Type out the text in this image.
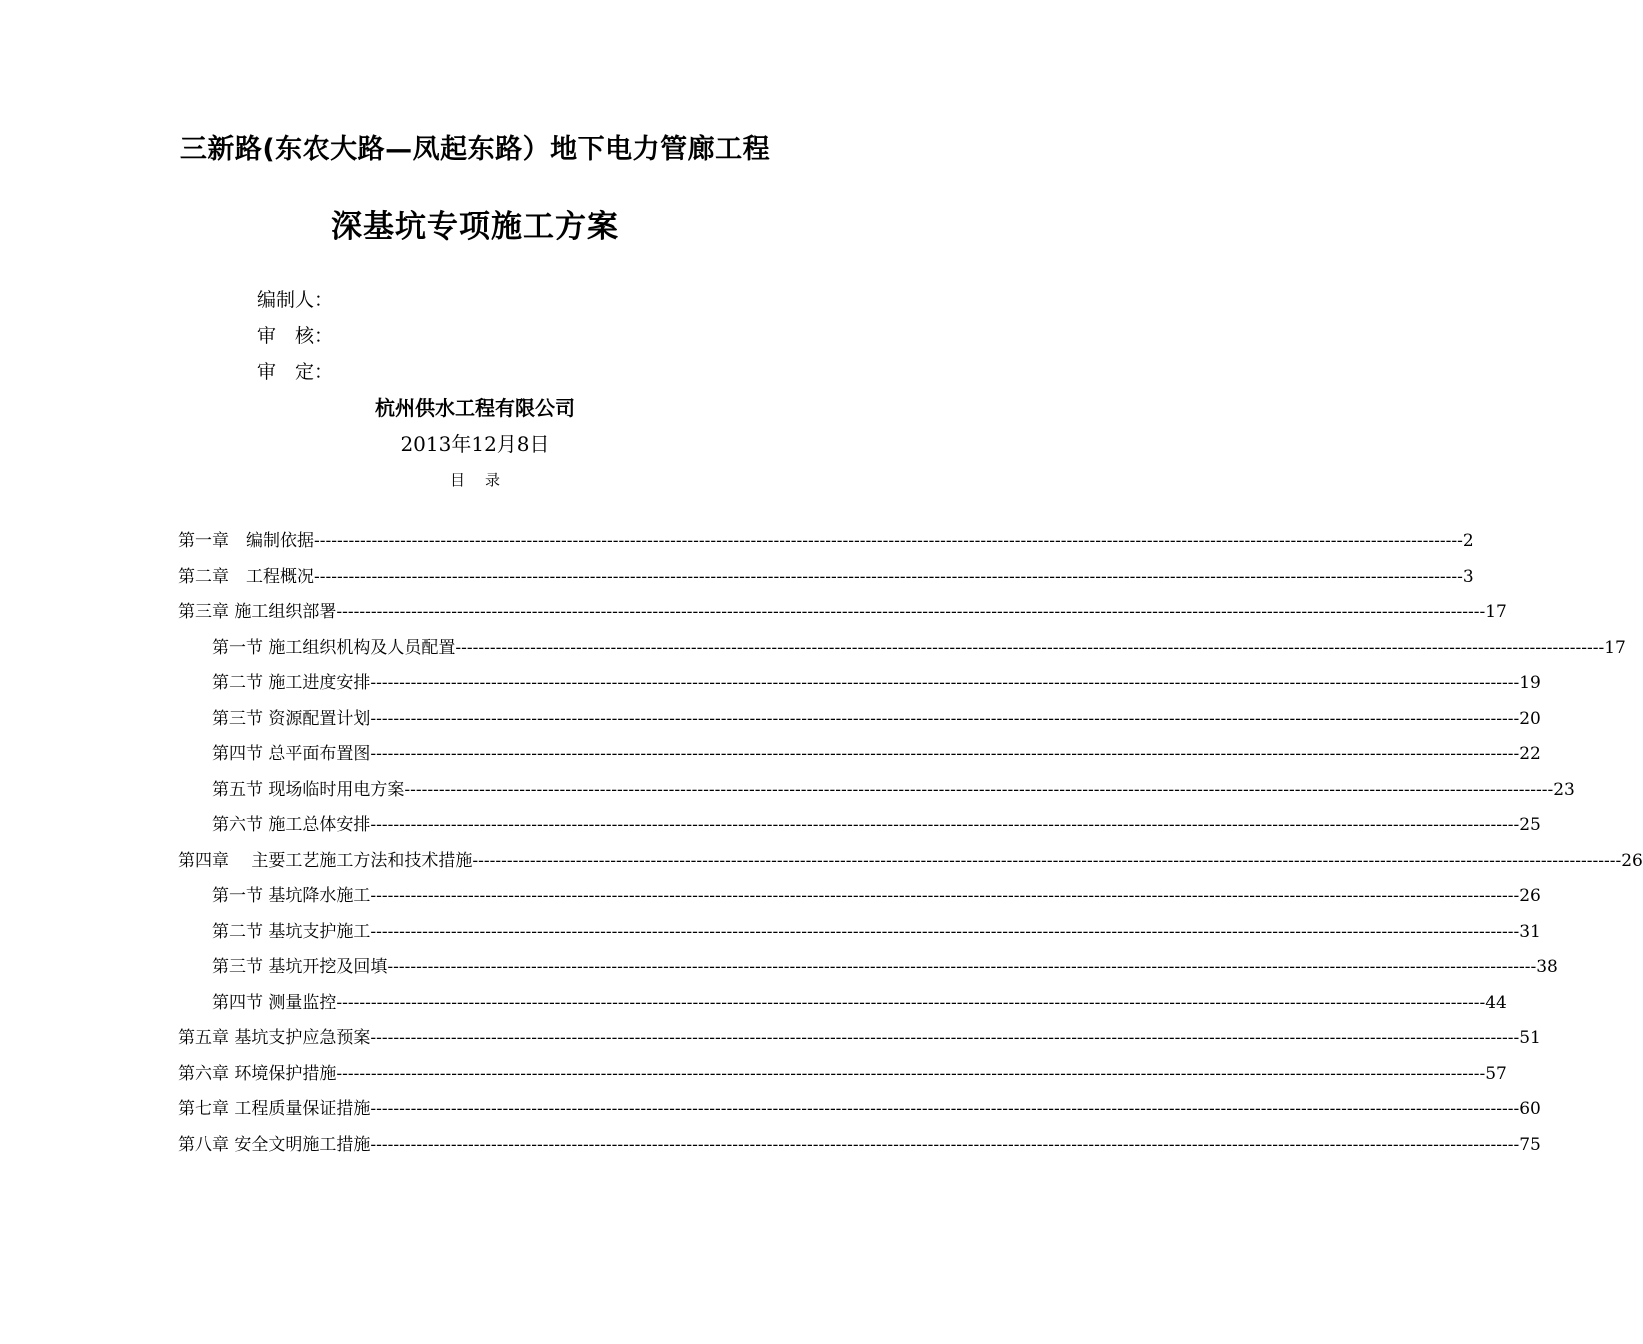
三新路(东农大路—凤起东路）地下电力管廊工程
深基坑专项施工方案
编制人：
审　核：
审　定：
杭州供水工程有限公司
2013年12月8日
目录
第一章　编制依据 -------------------------------------------------------------------------------------------------------------------------------------------------------------------------------------------------------- 2
第二章　工程概况 -------------------------------------------------------------------------------------------------------------------------------------------------------------------------------------------------------- 3
第三章 施工组织部署 -------------------------------------------------------------------------------------------------------------------------------------------------------------------------------------------------------- 17
第一节 施工组织机构及人员配置 -------------------------------------------------------------------------------------------------------------------------------------------------------------------------------------------------------- 17
第二节 施工进度安排 -------------------------------------------------------------------------------------------------------------------------------------------------------------------------------------------------------- 19
第三节 资源配置计划 -------------------------------------------------------------------------------------------------------------------------------------------------------------------------------------------------------- 20
第四节 总平面布置图 -------------------------------------------------------------------------------------------------------------------------------------------------------------------------------------------------------- 22
第五节 现场临时用电方案 -------------------------------------------------------------------------------------------------------------------------------------------------------------------------------------------------------- 23
第六节 施工总体安排 -------------------------------------------------------------------------------------------------------------------------------------------------------------------------------------------------------- 25
第四章　 主要工艺施工方法和技术措施 -------------------------------------------------------------------------------------------------------------------------------------------------------------------------------------------------------- 26
第一节 基坑降水施工 -------------------------------------------------------------------------------------------------------------------------------------------------------------------------------------------------------- 26
第二节 基坑支护施工 -------------------------------------------------------------------------------------------------------------------------------------------------------------------------------------------------------- 31
第三节 基坑开挖及回填 -------------------------------------------------------------------------------------------------------------------------------------------------------------------------------------------------------- 38
第四节 测量监控 -------------------------------------------------------------------------------------------------------------------------------------------------------------------------------------------------------- 44
第五章 基坑支护应急预案 -------------------------------------------------------------------------------------------------------------------------------------------------------------------------------------------------------- 51
第六章 环境保护措施 -------------------------------------------------------------------------------------------------------------------------------------------------------------------------------------------------------- 57
第七章 工程质量保证措施 -------------------------------------------------------------------------------------------------------------------------------------------------------------------------------------------------------- 60
第八章 安全文明施工措施 -------------------------------------------------------------------------------------------------------------------------------------------------------------------------------------------------------- 75
